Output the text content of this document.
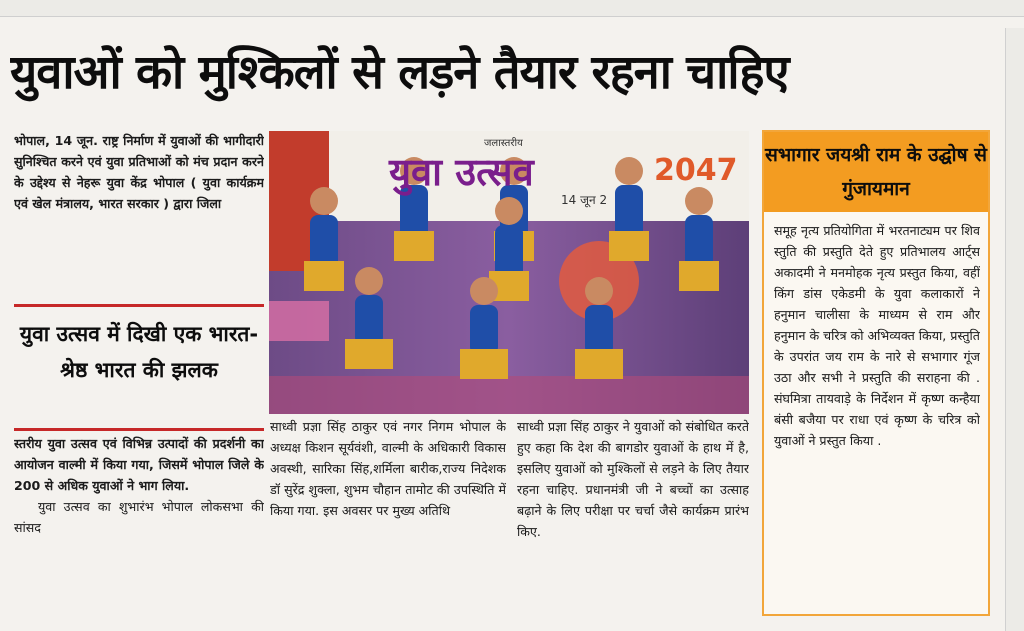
युवाओं को मुश्किलों से लड़ने तैयार रहना चाहिए

भोपाल, 14 जून. राष्ट्र निर्माण में युवाओं की भागीदारी सुनिश्चित करने एवं युवा प्रतिभाओं को मंच प्रदान करने के उद्देश्य से नेहरू युवा केंद्र भोपाल ( युवा कार्यक्रम एवं खेल मंत्रालय, भारत सरकार ) द्वारा जिला

युवा उत्सव में दिखी एक भारत- श्रेष्ठ भारत की झलक

स्तरीय युवा उत्सव एवं विभिन्न उत्पादों की प्रदर्शनी का आयोजन वाल्मी में किया गया, जिसमें भोपाल जिले के 200 से अधिक युवाओं ने भाग लिया.

युवा उत्सव का शुभारंभ भोपाल लोकसभा की सांसद

जलास्तरीय
युवा उत्सव	2047
14 जून 2

साध्वी प्रज्ञा सिंह ठाकुर एवं नगर निगम भोपाल के अध्यक्ष किशन सूर्यवंशी, वाल्मी के अधिकारी विकास अवस्थी, सारिका सिंह,शर्मिला बारीक,राज्य निदेशक डॉ सुरेंद्र शुक्ला, शुभम चौहान तामोट की उपस्थिति में किया गया. इस अवसर पर मुख्य अतिथि

साध्वी प्रज्ञा सिंह ठाकुर ने युवाओं को संबोधित करते हुए कहा कि देश की बागडोर युवाओं के हाथ में है, इसलिए युवाओं को मुश्किलों से लड़ने के लिए तैयार रहना चाहिए. प्रधानमंत्री जी ने बच्चों का उत्साह बढ़ाने के लिए परीक्षा पर चर्चा जैसे कार्यक्रम प्रारंभ किए.

सभागार जयश्री राम के उद्घोष से गुंजायमान

समूह नृत्य प्रतियोगिता में भरतनाट्यम पर शिव स्तुति की प्रस्तुति देते हुए प्रतिभालय आर्ट्स अकादमी ने मनमोहक नृत्य प्रस्तुत किया, वहीं किंग डांस एकेडमी के युवा कलाकारों ने हनुमान चालीसा के माध्यम से राम और हनुमान के चरित्र को अभिव्यक्त किया, प्रस्तुति के उपरांत जय राम के नारे से सभागार गूंज उठा और सभी ने प्रस्तुति की सराहना की . संघमित्रा तायवाड़े के निर्देशन में कृष्ण कन्हैया बंसी बजैया पर राधा एवं कृष्ण के चरित्र को युवाओं ने प्रस्तुत किया .
